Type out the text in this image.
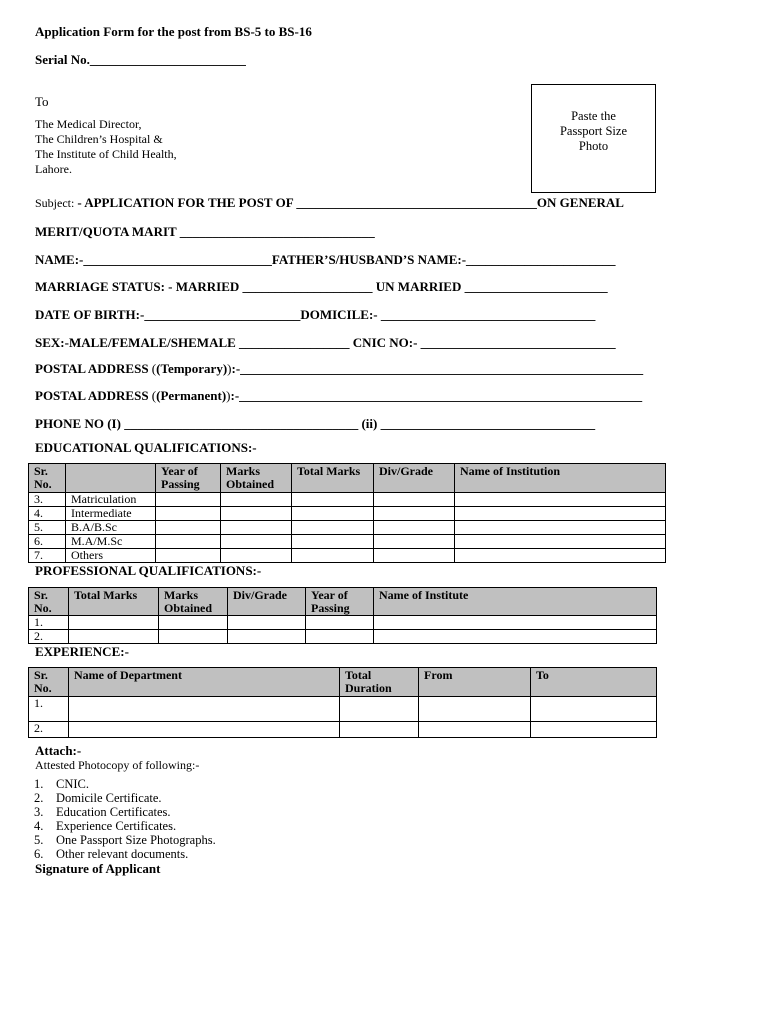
Application Form for the post from BS-5 to BS-16
Serial No.________________________
Paste the
Passport Size
Photo
To
The Medical Director,
The Children’s Hospital &
The Institute of Child Health,
Lahore.
Subject: - APPLICATION FOR THE POST OF _____________________________________ON GENERAL
MERIT/QUOTA MARIT ______________________________
NAME:-_____________________________FATHER’S/HUSBAND’S NAME:-_______________________
MARRIAGE STATUS: - MARRIED ____________________ UN MARRIED ______________________
DATE OF BIRTH:-________________________DOMICILE:- _________________________________
SEX:-MALE/FEMALE/SHEMALE _________________ CNIC NO:- ______________________________
POSTAL ADDRESS ((Temporary)):-______________________________________________________________
POSTAL ADDRESS ((Permanent)):-______________________________________________________________
PHONE NO (I) ____________________________________ (ii) _________________________________
EDUCATIONAL QUALIFICATIONS:-
Sr. No.		Year of Passing	Marks Obtained	Total Marks	Div/Grade	Name of Institution
3.	Matriculation					
4.	Intermediate					
5.	B.A/B.Sc					
6.	M.A/M.Sc					
7.	Others					
PROFESSIONAL QUALIFICATIONS:-
Sr. No.	Total Marks	Marks Obtained	Div/Grade	Year of Passing	Name of Institute
1.					
2.					
EXPERIENCE:-
Sr. No.	Name of Department	Total Duration	From	To
1.				
2.				
Attach:-
Attested Photocopy of following:-
1. CNIC.
2. Domicile Certificate.
3. Education Certificates.
4. Experience Certificates.
5. One Passport Size Photographs.
6. Other relevant documents.
Signature of Applicant
